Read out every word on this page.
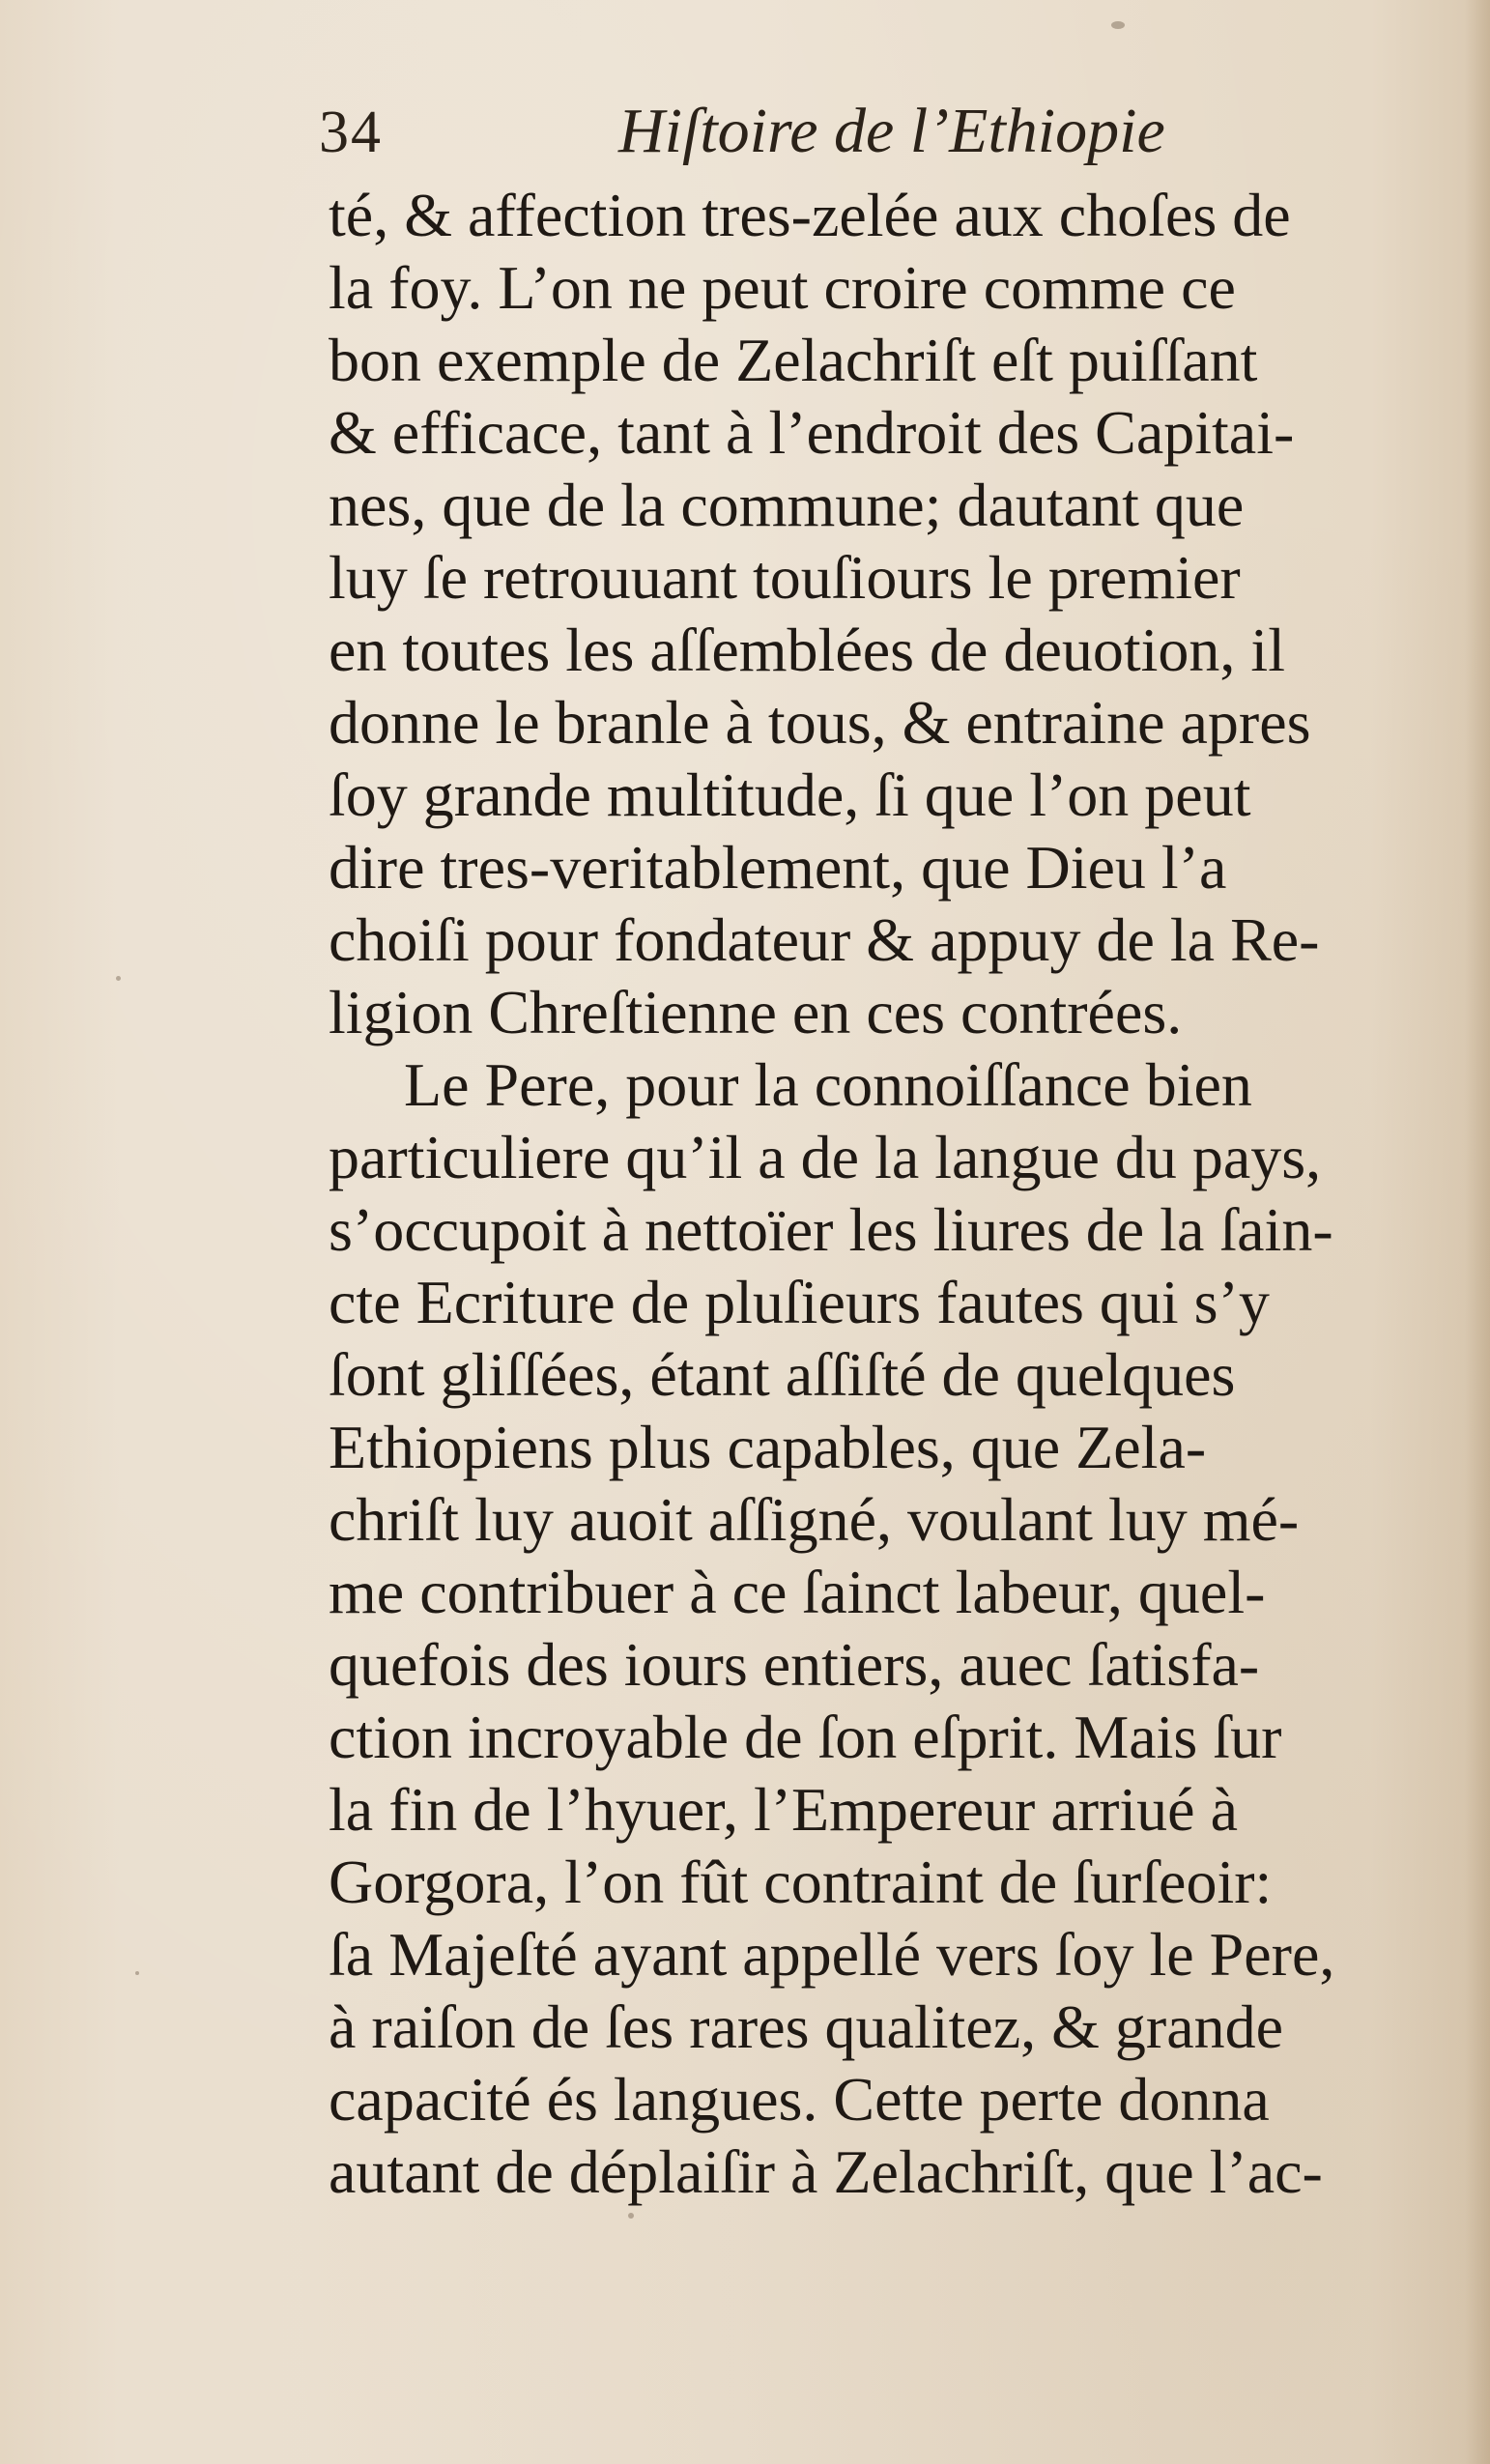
34	Hiſtoire de l’Ethiopie
té, & affection tres-zelée aux choſes de
la foy. L’on ne peut croire comme ce
bon exemple de Zelachriſt eſt puiſſant
& efficace, tant à l’endroit des Capitai-
nes, que de la commune; dautant que
luy ſe retrouuant touſiours le premier
en toutes les aſſemblées de deuotion, il
donne le branle à tous, & entraine apres
ſoy grande multitude, ſi que l’on peut
dire tres-veritablement, que Dieu l’a
choiſi pour fondateur & appuy de la Re-
ligion Chreſtienne en ces contrées.
Le Pere, pour la connoiſſance bien
particuliere qu’il a de la langue du pays,
s’occupoit à nettoïer les liures de la ſain-
cte Ecriture de pluſieurs fautes qui s’y
ſont gliſſées, étant aſſiſté de quelques
Ethiopiens plus capables, que Zela-
chriſt luy auoit aſſigné, voulant luy mé-
me contribuer à ce ſainct labeur, quel-
quefois des iours entiers, auec ſatisfa-
ction incroyable de ſon eſprit. Mais ſur
la fin de l’hyuer, l’Empereur arriué à
Gorgora, l’on fût contraint de ſurſeoir:
ſa Majeſté ayant appellé vers ſoy le Pere,
à raiſon de ſes rares qualitez, & grande
capacité és langues. Cette perte donna
autant de déplaiſir à Zelachriſt, que l’ac-
